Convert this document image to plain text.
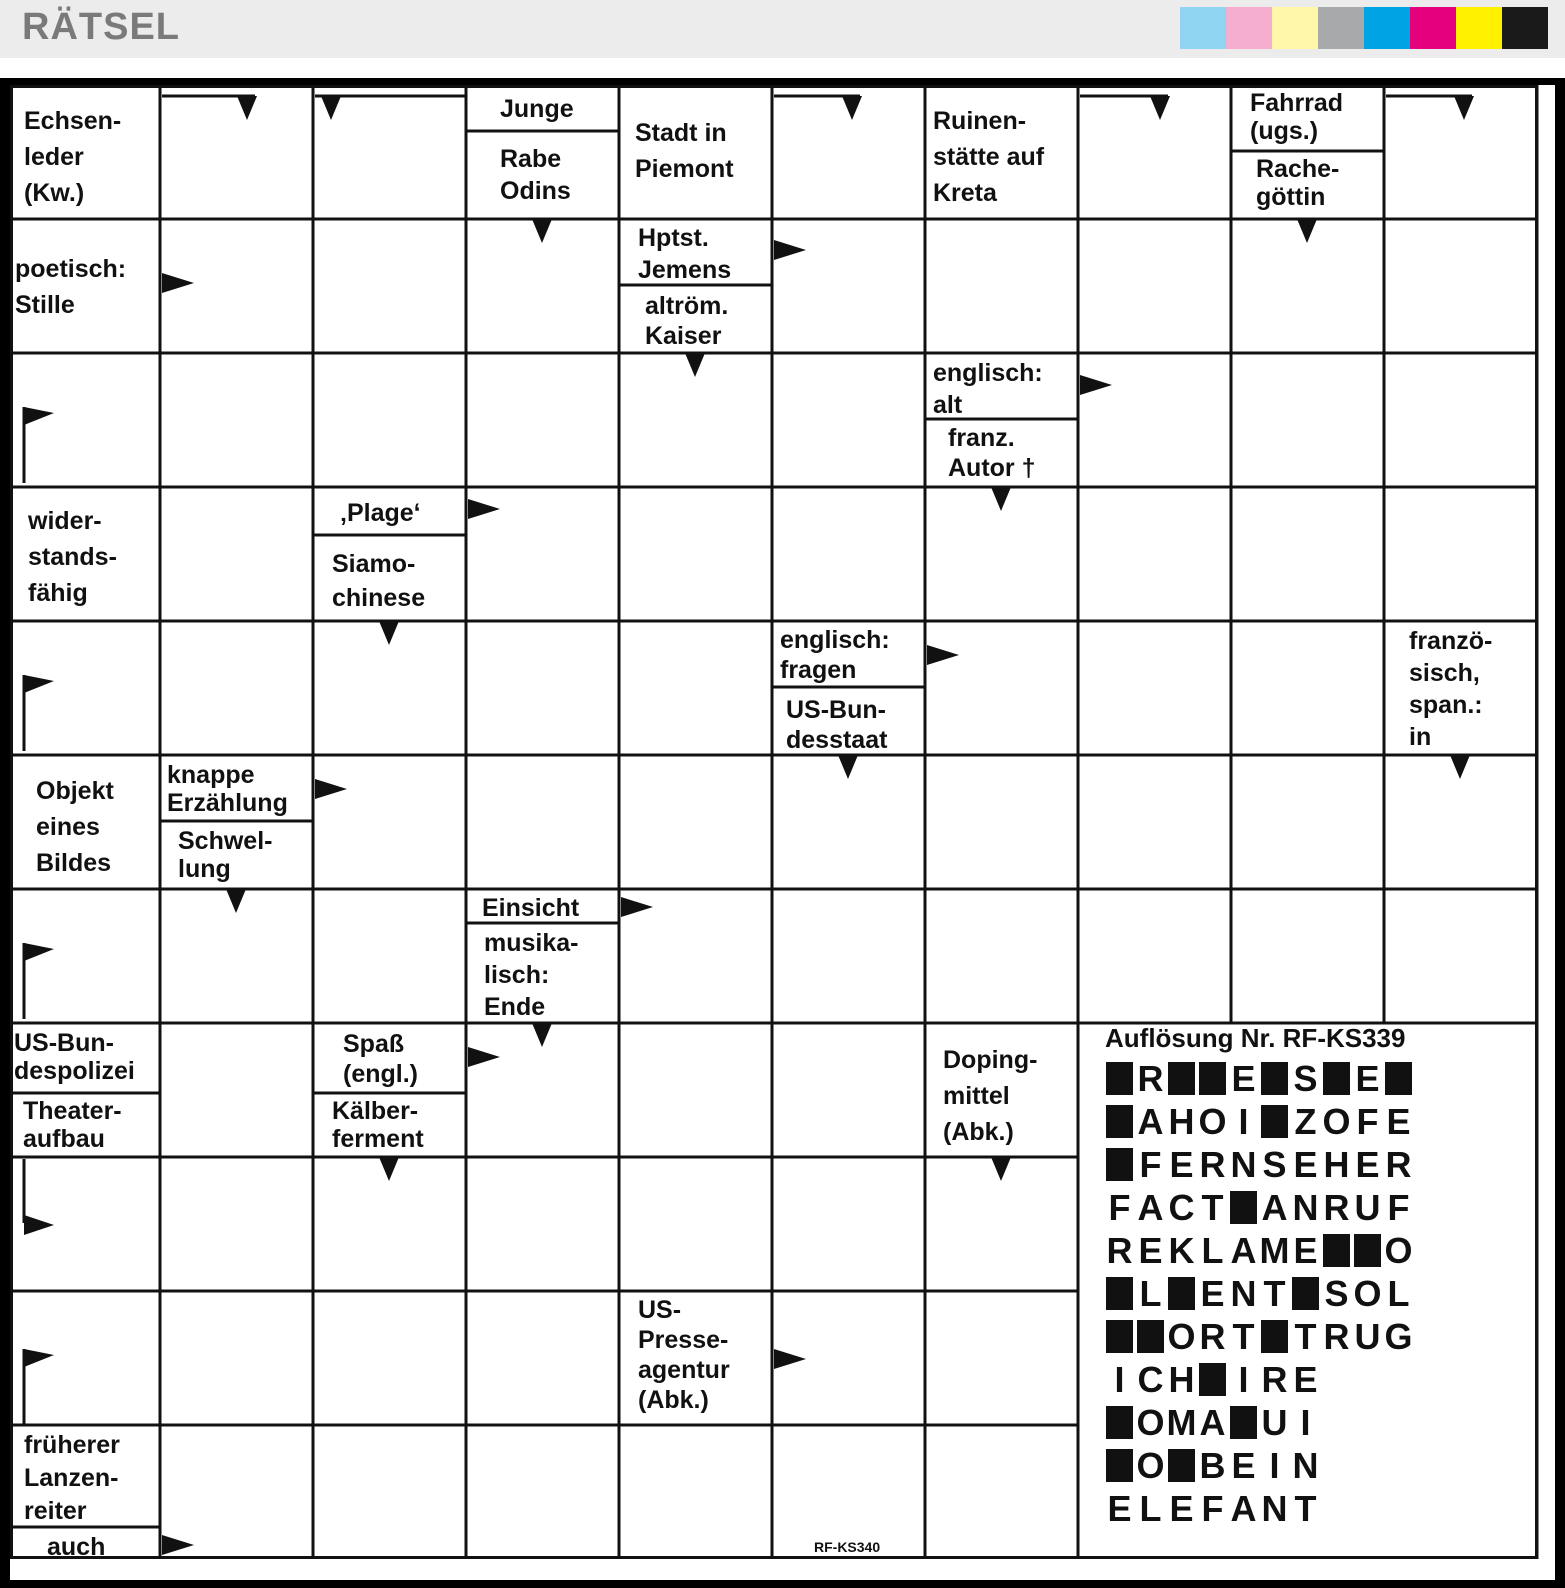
RÄTSEL
Echsen-
leder
(Kw.)
Junge
Rabe
Odins
Stadt in
Piemont
Ruinen-
stätte auf
Kreta
Fahrrad
(ugs.)
Rache-
göttin
poetisch:
Stille
Hptst.
Jemens
altröm.
Kaiser
englisch:
alt
franz.
Autor †
wider-
stands-
fähig
‚Plage‘
Siamo-
chinese
englisch:
fragen
US-Bun-
desstaat
franzö-
sisch,
span.:
in
Objekt
eines
Bildes
knappe
Erzählung
Schwel-
lung
Einsicht
musika-
lisch:
Ende
US-Bun-
despolizei
Theater-
aufbau
Spaß
(engl.)
Kälber-
ferment
Doping-
mittel
(Abk.)
US-
Presse-
agentur
(Abk.)
früherer
Lanzen-
reiter
auch
Auflösung Nr. RF-KS339
R E S E
A H O I Z O F E
F E R N S E H E R
F A C T A N R U F
R E K L A M E O
L E N T S O L
O R T T R U G
I C H I R E
O M A U I
O B E I N
E L E F A N T
RF-KS340
